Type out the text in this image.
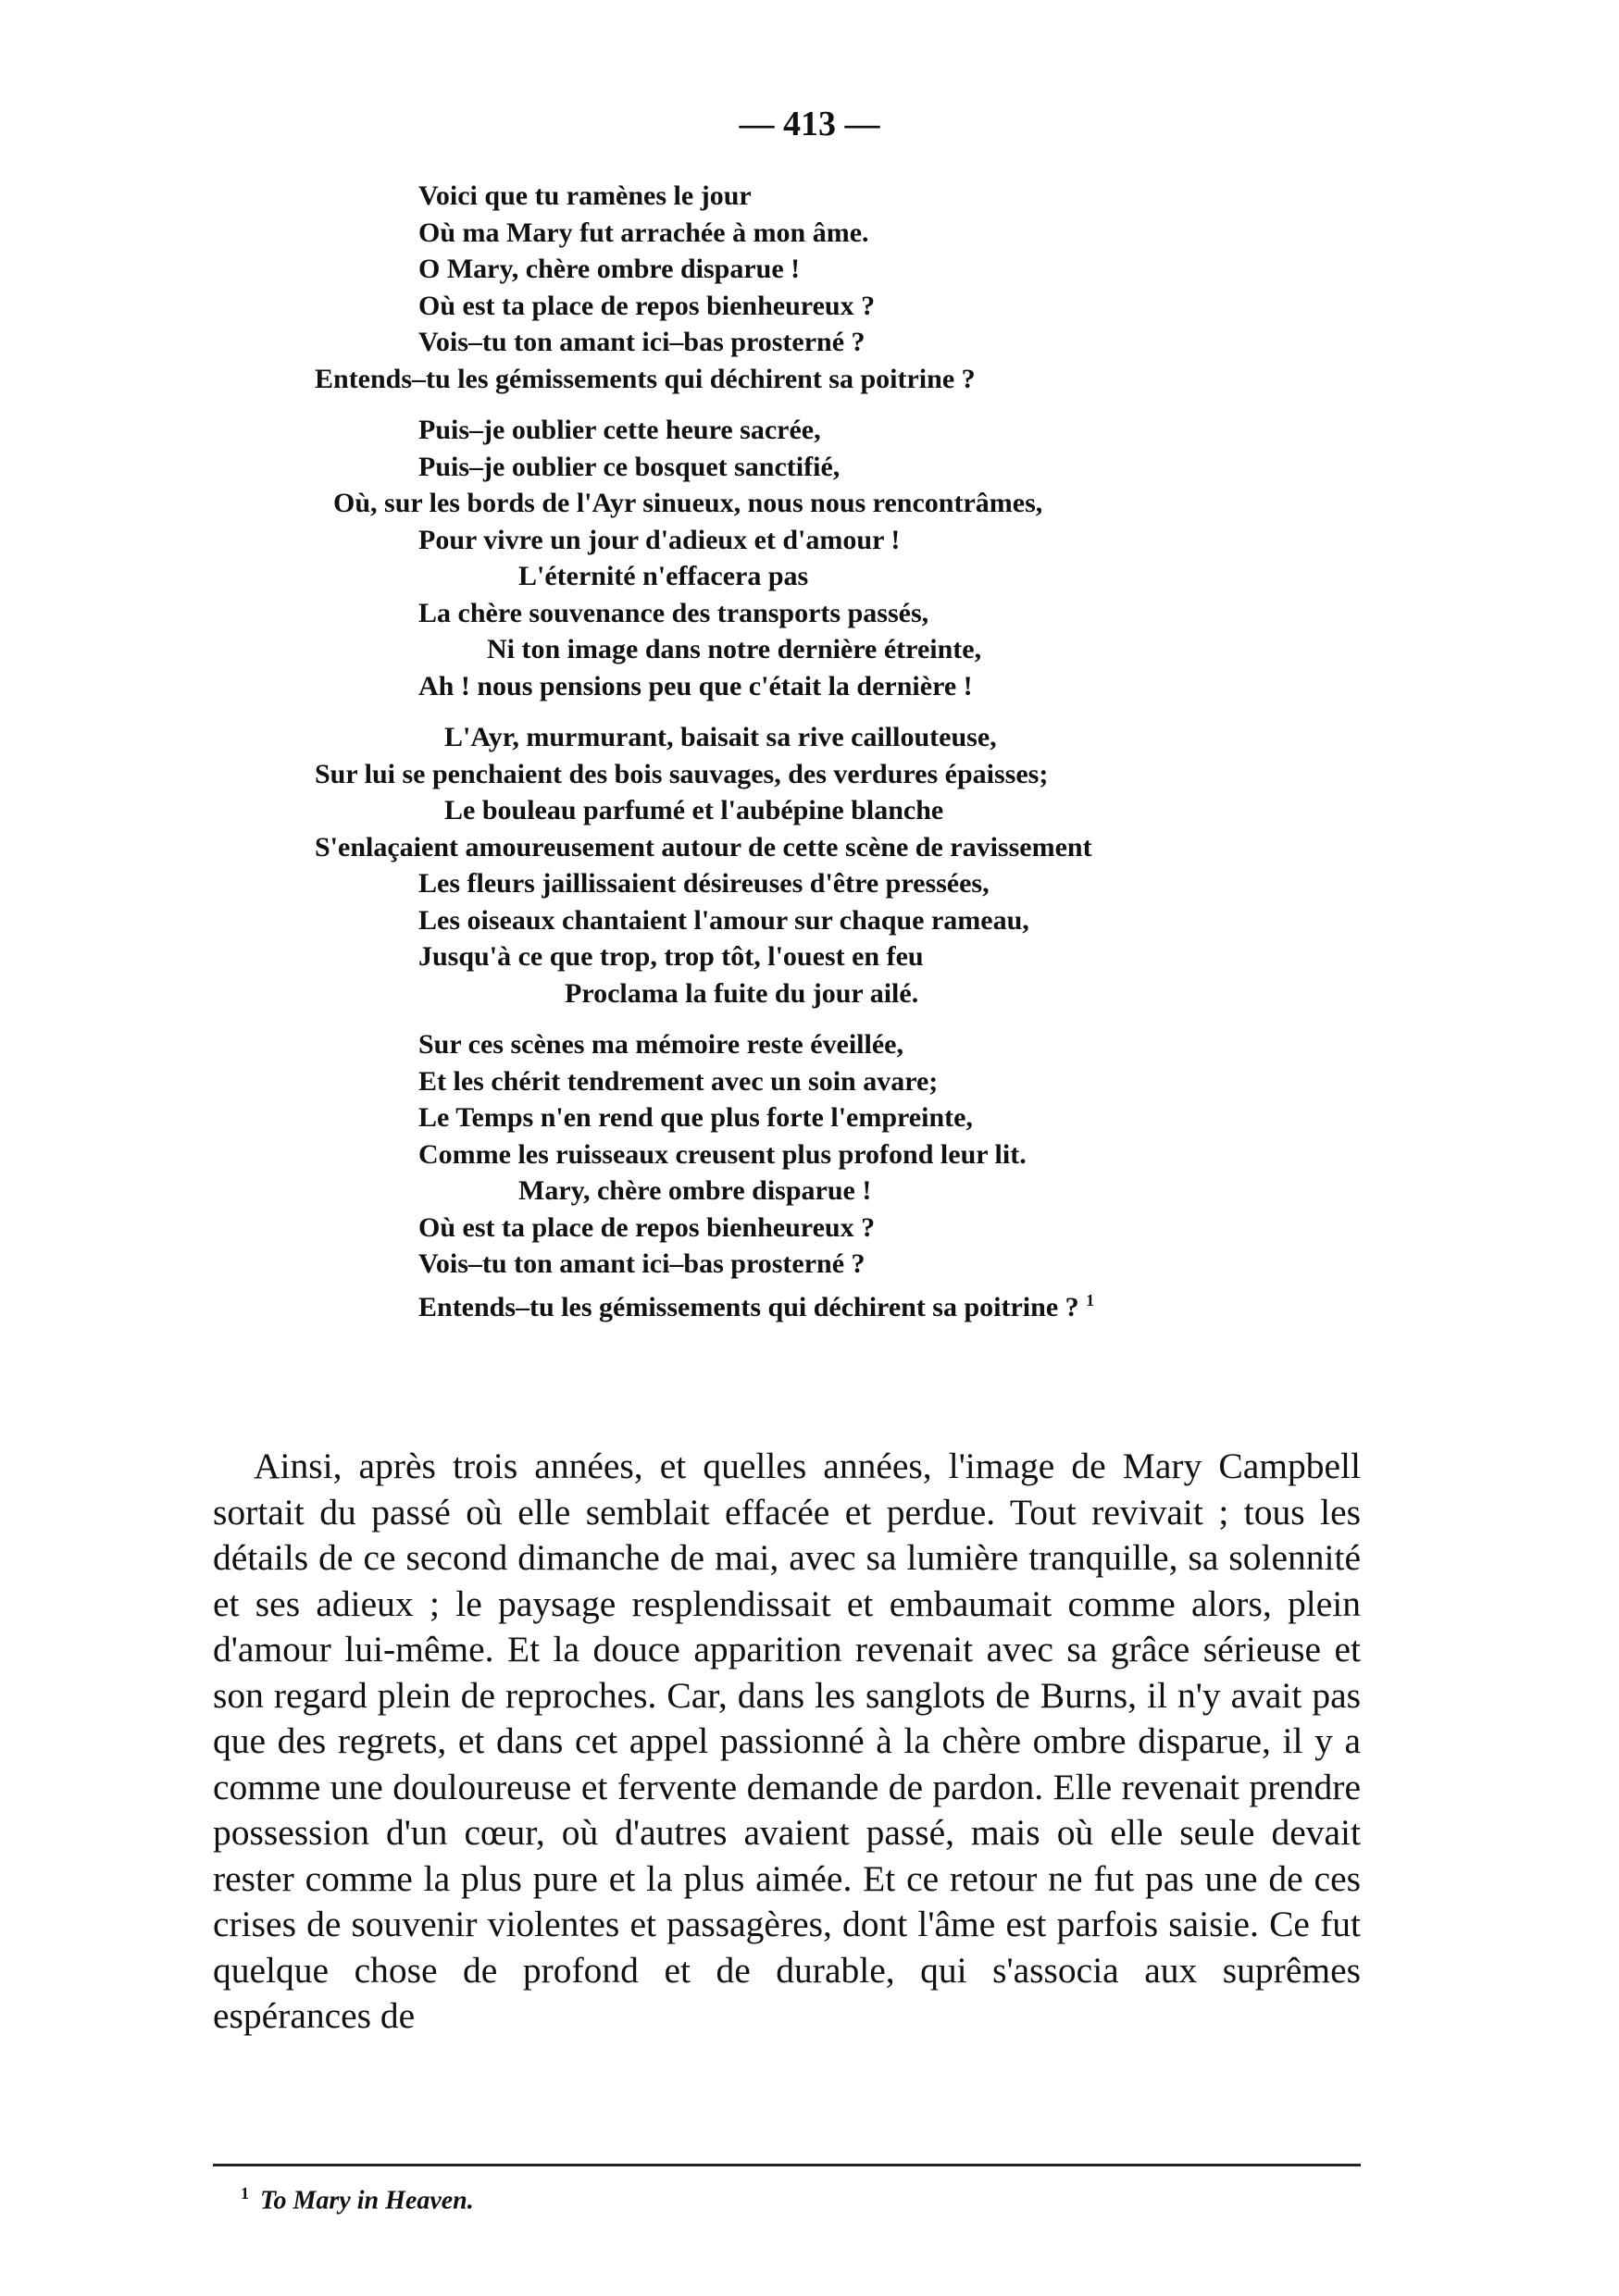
— 413 —
Voici que tu ramènes le jour
Où ma Mary fut arrachée à mon âme.
O Mary, chère ombre disparue !
Où est ta place de repos bienheureux ?
Vois–tu ton amant ici–bas prosterné ?
Entends–tu les gémissements qui déchirent sa poitrine ?
Puis–je oublier cette heure sacrée,
Puis–je oublier ce bosquet sanctifié,
Où, sur les bords de l'Ayr sinueux, nous nous rencontrâmes,
Pour vivre un jour d'adieux et d'amour !
L'éternité n'effacera pas
La chère souvenance des transports passés,
Ni ton image dans notre dernière étreinte,
Ah ! nous pensions peu que c'était la dernière !
L'Ayr, murmurant, baisait sa rive caillouteuse,
Sur lui se penchaient des bois sauvages, des verdures épaisses;
Le bouleau parfumé et l'aubépine blanche
S'enlaçaient amoureusement autour de cette scène de ravissement
Les fleurs jaillissaient désireuses d'être pressées,
Les oiseaux chantaient l'amour sur chaque rameau,
Jusqu'à ce que trop, trop tôt, l'ouest en feu
Proclama la fuite du jour ailé.
Sur ces scènes ma mémoire reste éveillée,
Et les chérit tendrement avec un soin avare;
Le Temps n'en rend que plus forte l'empreinte,
Comme les ruisseaux creusent plus profond leur lit.
Mary, chère ombre disparue !
Où est ta place de repos bienheureux ?
Vois–tu ton amant ici–bas prosterné ?
Entends–tu les gémissements qui déchirent sa poitrine ? $^1$

Ainsi, après trois années, et quelles années, l'image de Mary Campbell sortait du passé où elle semblait effacée et perdue. Tout revivait ; tous les détails de ce second dimanche de mai, avec sa lumière tranquille, sa solennité et ses adieux ; le paysage resplendissait et embaumait comme alors, plein d'amour lui-même. Et la douce apparition revenait avec sa grâce sérieuse et son regard plein de reproches. Car, dans les sanglots de Burns, il n'y avait pas que des regrets, et dans cet appel passionné à la chère ombre disparue, il y a comme une douloureuse et fervente demande de pardon. Elle revenait prendre possession d'un cœur, où d'autres avaient passé, mais où elle seule devait rester comme la plus pure et la plus aimée. Et ce retour ne fut pas une de ces crises de souvenir violentes et passagères, dont l'âme est parfois saisie. Ce fut quelque chose de profond et de durable, qui s'associa aux suprêmes espérances de

$^1$ To Mary in Heaven.
